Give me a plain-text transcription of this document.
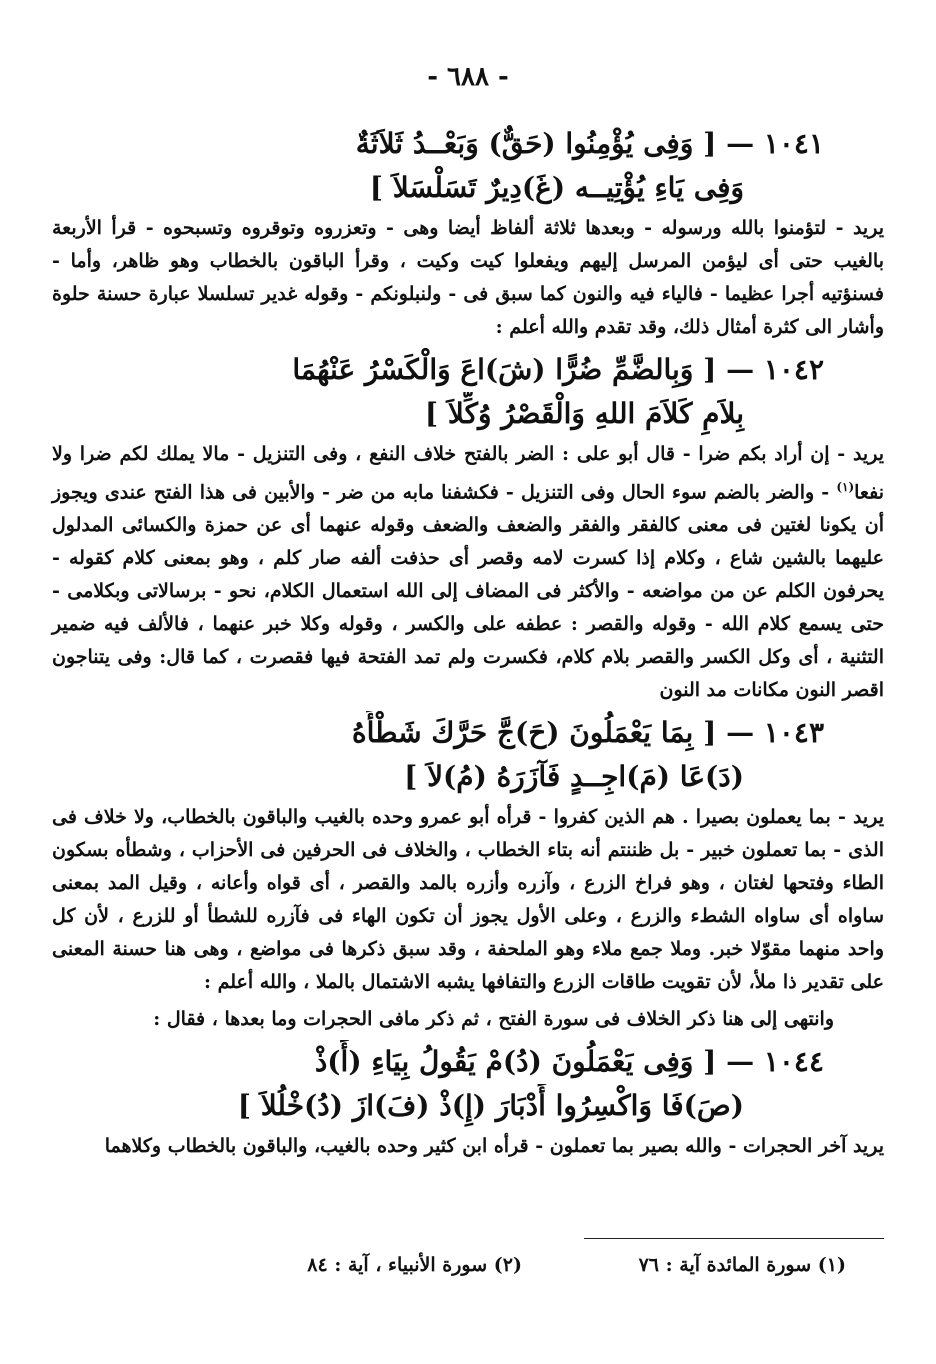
- ٦٨٨ -
١٠٤١ — [ وَفِى يُؤْمِنُوا (حَقٌّ) وَبَعْــدُ ثَلاَثَةٌ
وَفِى يَاءِ يُؤْتِيــه (غَ)دِيرٌ تَسَلْسَلاَ ]

يريد - لتؤمنوا بالله ورسوله - وبعدها ثلاثة ألفاظ أيضا وهى - وتعزروه وتوقروه وتسبحوه - قرأ الأربعة بالغيب حتى أى ليؤمن المرسل إليهم ويفعلوا كيت وكيت ، وقرأ الباقون بالخطاب وهو ظاهر، وأما - فسنؤتيه أجرا عظيما - فالياء فيه والنون كما سبق فى - ولنبلونكم - وقوله غدير تسلسلا عبارة حسنة حلوة وأشار الى كثرة أمثال ذلك، وقد تقدم والله أعلم :

١٠٤٢ — [ وَبِالضَّمِّ ضُرًّا (شَ)اعَ وَالْكَسْرُ عَنْهُمَا
بِلاَمِ كَلاَمَ اللهِ وَالْقَصْرُ وُكِّلاَ ]

يريد - إن أراد بكم ضرا - قال أبو على : الضر بالفتح خلاف النفع ، وفى التنزيل - مالا يملك لكم ضرا ولا نفعا$^{(١)}$ - والضر بالضم سوء الحال وفى التنزيل - فكشفنا مابه من ضر - والأبين فى هذا الفتح عندى ويجوز أن يكونا لغتين فى معنى كالفقر والفقر والضعف والضعف وقوله عنهما أى عن حمزة والكسائى المدلول عليهما بالشين شاع ، وكلام إذا كسرت لامه وقصر أى حذفت ألفه صار كلم ، وهو بمعنى كلام كقوله - يحرفون الكلم عن من مواضعه - والأكثر فى المضاف إلى الله استعمال الكلام، نحو - برسالاتى وبكلامى - حتى يسمع كلام الله - وقوله والقصر : عطفه على والكسر ، وقوله وكلا خبر عنهما ، فالألف فيه ضمير التثنية ، أى وكل الكسر والقصر بلام كلام، فكسرت ولم تمد الفتحة فيها فقصرت ، كما قال: وفى يتناجون اقصر النون مكانات مد النون

١٠٤٣ — [ بِمَا يَعْمَلُونَ (حَ)جَّ حَرَّكَ شَطْأَهُ
(دَ)عَا (مَ)اجِــدٍ فَآزَرَهُ (مُ)لاَ ]

يريد - بما يعملون بصيرا . هم الذين كفروا - قرأه أبو عمرو وحده بالغيب والباقون بالخطاب، ولا خلاف فى الذى - بما تعملون خبير - بل ظننتم أنه بتاء الخطاب ، والخلاف فى الحرفين فى الأحزاب ، وشطأه بسكون الطاء وفتحها لغتان ، وهو فراخ الزرع ، وآزره وأزره بالمد والقصر ، أى قواه وأعانه ، وقيل المد بمعنى ساواه أى ساواه الشطء والزرع ، وعلى الأول يجوز أن تكون الهاء فى فآزره للشطأ أو للزرع ، لأن كل واحد منهما مقوّلا خبر. وملا جمع ملاء وهو الملحفة ، وقد سبق ذكرها فى مواضع ، وهى هنا حسنة المعنى على تقدير ذا ملأ، لأن تقويت طاقات الزرع والتفافها يشبه الاشتمال بالملا ، والله أعلم :

وانتهى إلى هنا ذكر الخلاف فى سورة الفتح ، ثم ذكر مافى الحجرات وما بعدها ، فقال :

١٠٤٤ — [ وَفِى يَعْمَلُونَ (دُ)مْ يَقُولُ بِيَاءِ (أَ)ذْ
(صَ)فَا وَاكْسِرُوا أَدْبَارَ (إِ)ذْ (فَ)ازَ (دُ)خْلُلاَ ]

يريد آخر الحجرات - والله بصير بما تعملون - قرأه ابن كثير وحده بالغيب، والباقون بالخطاب وكلاهما

(١) سورة المائدة آية : ٧٦ (٢) سورة الأنبياء ، آية : ٨٤
